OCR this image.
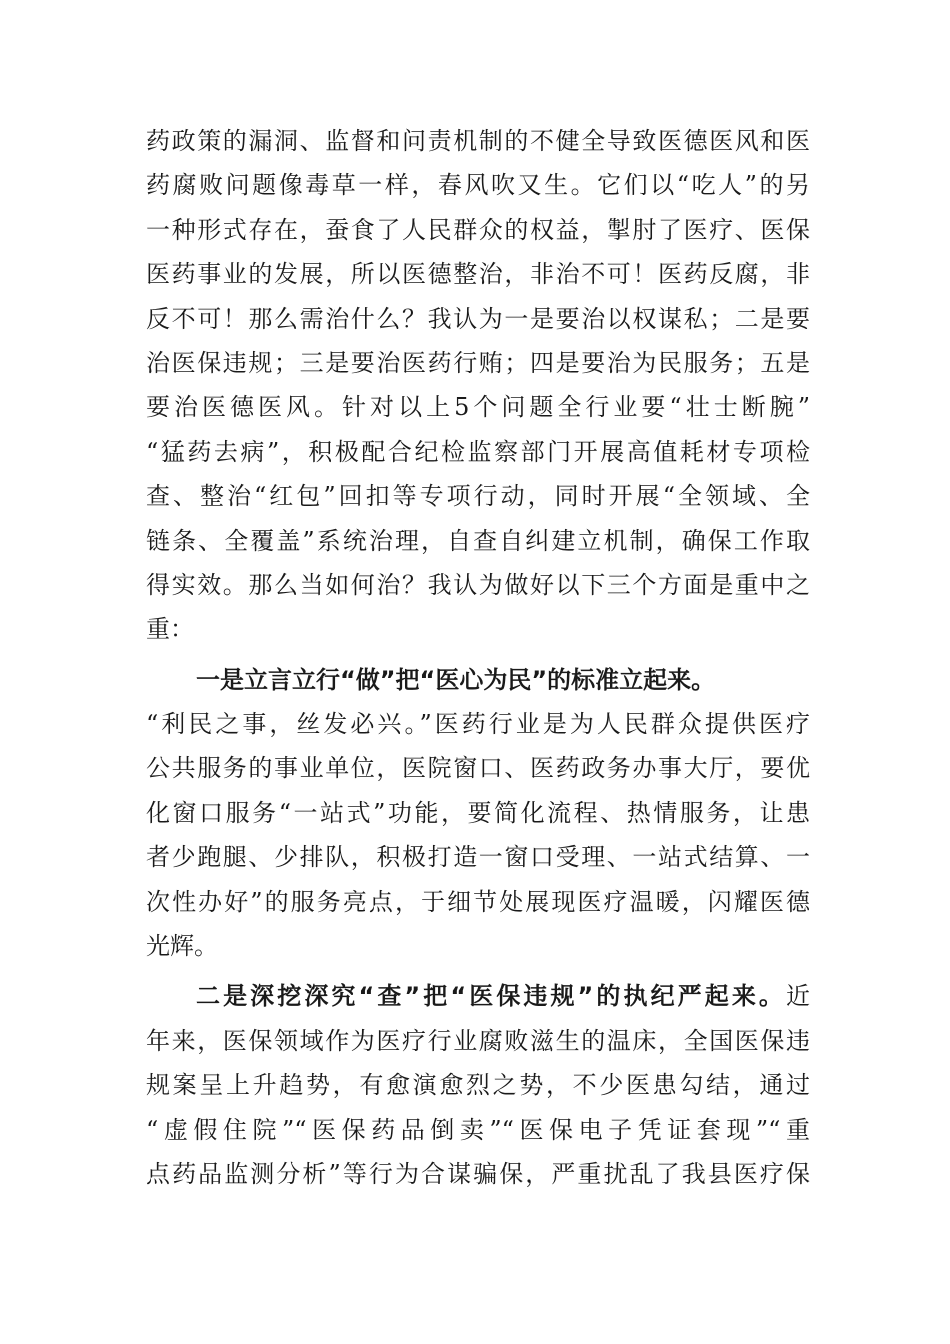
药政策的漏洞、监督和问责机制的不健全导致医德医风和医
药腐败问题像毒草一样，春风吹又生。它们以“吃人”的另
一种形式存在，蚕食了人民群众的权益，掣肘了医疗、医保
医药事业的发展，所以医德整治，非治不可！医药反腐，非
反不可！那么需治什么？我认为一是要治以权谋私；二是要
治医保违规；三是要治医药行贿；四是要治为民服务；五是
要治医德医风。针对以上5个问题全行业要“壮士断腕”
“猛药去病”，积极配合纪检监察部门开展高值耗材专项检
查、整治“红包”回扣等专项行动，同时开展“全领域、全
链条、全覆盖”系统治理，自查自纠建立机制，确保工作取
得实效。那么当如何治？我认为做好以下三个方面是重中之
重：
一是立言立行“做”把“医心为民”的标准立起来。
“利民之事，丝发必兴。”医药行业是为人民群众提供医疗
公共服务的事业单位，医院窗口、医药政务办事大厅，要优
化窗口服务“一站式”功能，要简化流程、热情服务，让患
者少跑腿、少排队，积极打造一窗口受理、一站式结算、一
次性办好”的服务亮点，于细节处展现医疗温暖，闪耀医德
光辉。
二是深挖深究“查”把“医保违规”的执纪严起来。近
年来，医保领域作为医疗行业腐败滋生的温床，全国医保违
规案呈上升趋势，有愈演愈烈之势，不少医患勾结，通过
“虚假住院”“医保药品倒卖”“医保电子凭证套现”“重
点药品监测分析”等行为合谋骗保，严重扰乱了我县医疗保
